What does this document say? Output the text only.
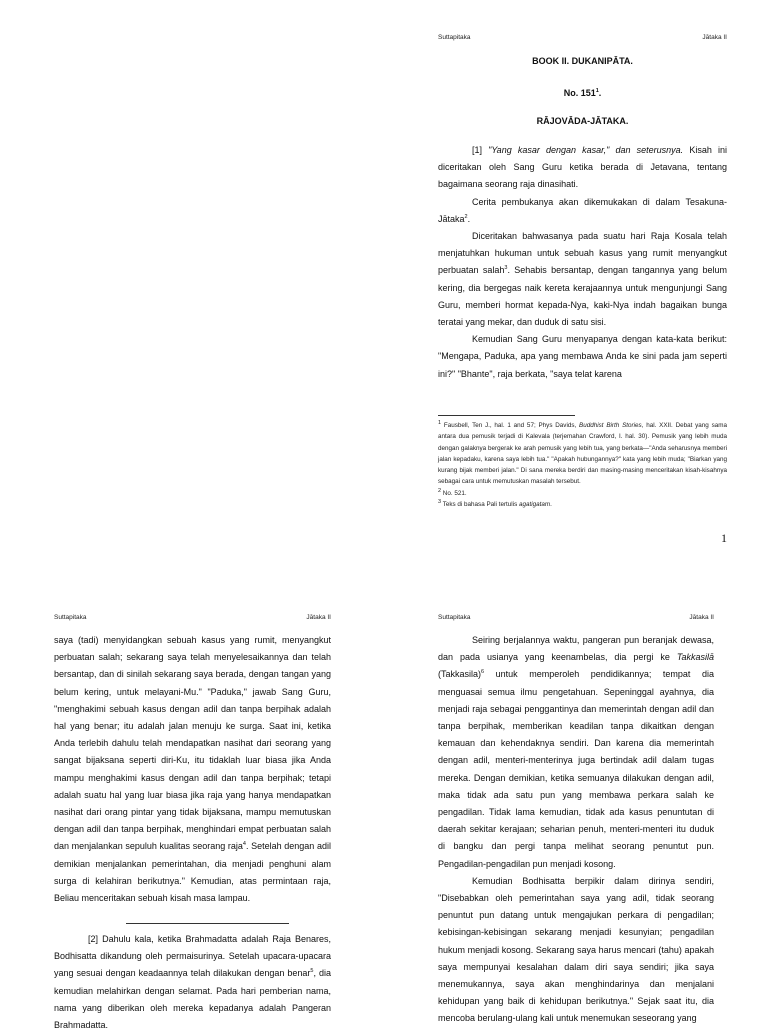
Suttapitaka	Jātaka II
BOOK II. DUKANIPĀTA.
No. $151^1$.
RĀJOVĀDA-JĀTAKA.

[1] "Yang kasar dengan kasar," dan seterusnya. Kisah ini diceritakan oleh Sang Guru ketika berada di Jetavana, tentang bagaimana seorang raja dinasihati.

Cerita pembukanya akan dikemukakan di dalam Tesakuna-Jātaka$^2$.

Diceritakan bahwasanya pada suatu hari Raja Kosala telah menjatuhkan hukuman untuk sebuah kasus yang rumit menyangkut perbuatan salah$^3$. Sehabis bersantap, dengan tangannya yang belum kering, dia bergegas naik kereta kerajaannya untuk mengunjungi Sang Guru, memberi hormat kepada-Nya, kaki-Nya indah bagaikan bunga teratai yang mekar, dan duduk di satu sisi.

Kemudian Sang Guru menyapanya dengan kata-kata berikut: "Mengapa, Paduka, apa yang membawa Anda ke sini pada jam seperti ini?" "Bhante", raja berkata, "saya telat karena

$^1$ Fausbell, Ten J., hal. 1 and 57; Phys Davids, Buddhist Birth Stories, hal. XXII. Debat yang sama antara dua pemusik terjadi di Kalevala (terjemahan Crawford, I. hal. 30). Pemusik yang lebih muda dengan galaknya bergerak ke arah pemusik yang lebih tua, yang berkata—"Anda seharusnya memberi jalan kepadaku, karena saya lebih tua." "Apakah hubungannya?" kata yang lebih muda; "Biarkan yang kurang bijak memberi jalan." Di sana mereka berdiri dan masing-masing menceritakan kisah-kisahnya sebagai cara untuk memutuskan masalah tersebut.

$^2$ No. 521.

$^3$ Teks di bahasa Pali tertulis agatigatam.

1
Suttapitaka	Jātaka II

saya (tadi) menyidangkan sebuah kasus yang rumit, menyangkut perbuatan salah; sekarang saya telah menyelesaikannya dan telah bersantap, dan di sinilah sekarang saya berada, dengan tangan yang belum kering, untuk melayani-Mu." "Paduka," jawab Sang Guru, "menghakimi sebuah kasus dengan adil dan tanpa berpihak adalah hal yang benar; itu adalah jalan menuju ke surga. Saat ini, ketika Anda terlebih dahulu telah mendapatkan nasihat dari seorang yang sangat bijaksana seperti diri-Ku, itu tidaklah luar biasa jika Anda mampu menghakimi kasus dengan adil dan tanpa berpihak; tetapi adalah suatu hal yang luar biasa jika raja yang hanya mendapatkan nasihat dari orang pintar yang tidak bijaksana, mampu memutuskan dengan adil dan tanpa berpihak, menghindari empat perbuatan salah dan menjalankan sepuluh kualitas seorang raja$^4$. Setelah dengan adil demikian menjalankan pemerintahan, dia menjadi penghuni alam surga di kelahiran berikutnya." Kemudian, atas permintaan raja, Beliau menceritakan sebuah kisah masa lampau.

[2] Dahulu kala, ketika Brahmadatta adalah Raja Benares, Bodhisatta dikandung oleh permaisurinya. Setelah upacara-upacara yang sesuai dengan keadaannya telah dilakukan dengan benar$^5$, dia kemudian melahirkan dengan selamat. Pada hari pemberian nama, nama yang diberikan oleh mereka kepadanya adalah Pangeran Brahmadatta.

Suttapitaka	Jātaka II

Seiring berjalannya waktu, pangeran pun beranjak dewasa, dan pada usianya yang keenambelas, dia pergi ke Takkasilā (Takkasila)$^6$ untuk memperoleh pendidikannya; tempat dia menguasai semua ilmu pengetahuan. Sepeninggal ayahnya, dia menjadi raja sebagai penggantinya dan memerintah dengan adil dan tanpa berpihak, memberikan keadilan tanpa dikaitkan dengan kemauan dan kehendaknya sendiri. Dan karena dia memerintah dengan adil, menteri-menterinya juga bertindak adil dalam tugas mereka. Dengan demikian, ketika semuanya dilakukan dengan adil, maka tidak ada satu pun yang membawa perkara salah ke pengadilan. Tidak lama kemudian, tidak ada kasus penuntutan di daerah sekitar kerajaan; seharian penuh, menteri-menteri itu duduk di bangku dan pergi tanpa melihat seorang penuntut pun. Pengadilan-pengadilan pun menjadi kosong.

Kemudian Bodhisatta berpikir dalam dirinya sendiri, "Disebabkan oleh pemerintahan saya yang adil, tidak seorang penuntut pun datang untuk mengajukan perkara di pengadilan; kebisingan-kebisingan sekarang menjadi kesunyian; pengadilan hukum menjadi kosong. Sekarang saya harus mencari (tahu) apakah saya mempunyai kesalahan dalam diri saya sendiri; jika saya menemukannya, saya akan menghindarinya dan menjalani kehidupan yang baik di kehidupan berikutnya." Sejak saat itu, dia mencoba berulang-ulang kali untuk menemukan seseorang yang
